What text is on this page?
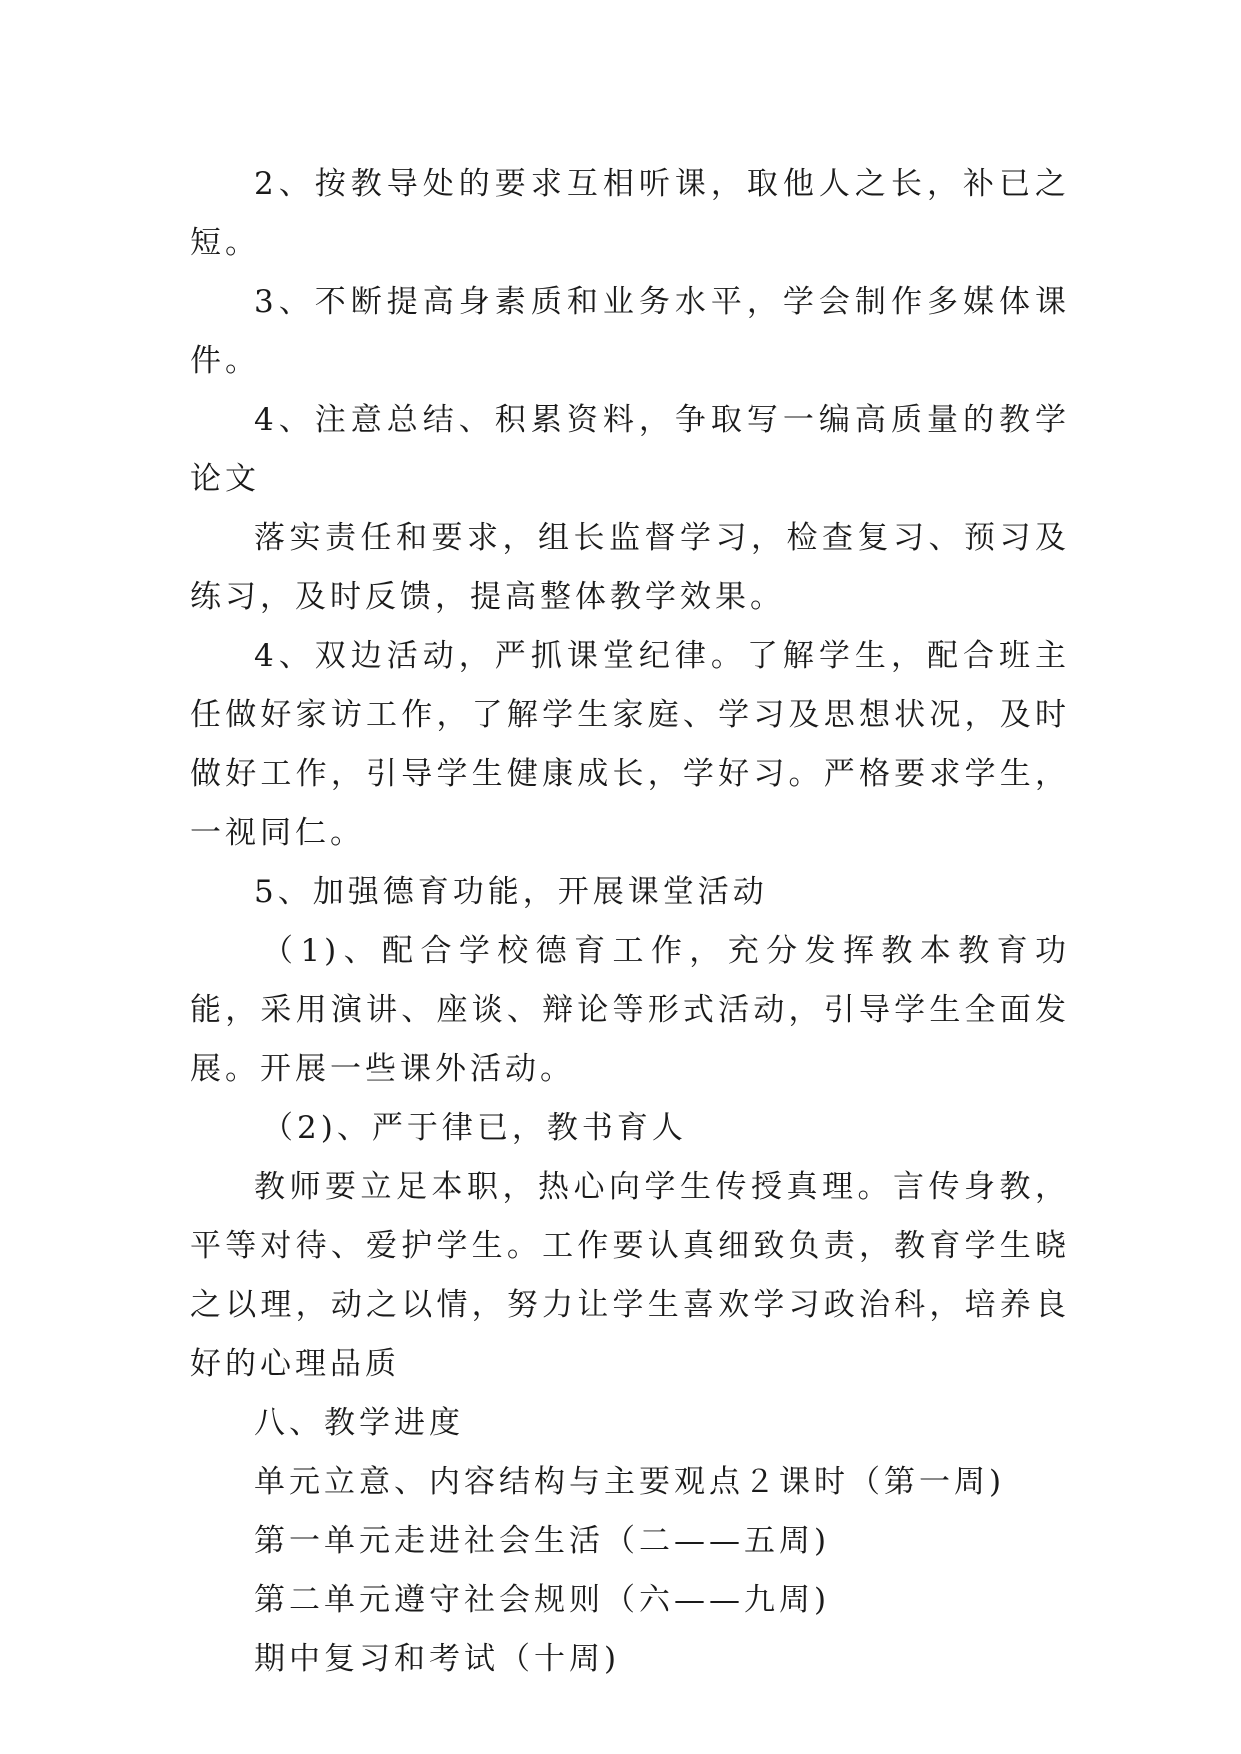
2、按教导处的要求互相听课，取他人之长，补已之短。

3、不断提高身素质和业务水平，学会制作多媒体课件。

4、注意总结、积累资料，争取写一编高质量的教学论文

落实责任和要求，组长监督学习，检查复习、预习及练习，及时反馈，提高整体教学效果。

4、双边活动，严抓课堂纪律。了解学生，配合班主任做好家访工作，了解学生家庭、学习及思想状况，及时做好工作，引导学生健康成长，学好习。严格要求学生，一视同仁。

5、加强德育功能，开展课堂活动

（1)、配合学校德育工作，充分发挥教本教育功能，采用演讲、座谈、辩论等形式活动，引导学生全面发展。开展一些课外活动。

（2)、严于律已，教书育人

教师要立足本职，热心向学生传授真理。言传身教，平等对待、爱护学生。工作要认真细致负责，教育学生晓之以理，动之以情，努力让学生喜欢学习政治科，培养良好的心理品质

八、教学进度

单元立意、内容结构与主要观点２课时（第一周)

第一单元走进社会生活（二——五周)

第二单元遵守社会规则（六——九周)

期中复习和考试（十周)
